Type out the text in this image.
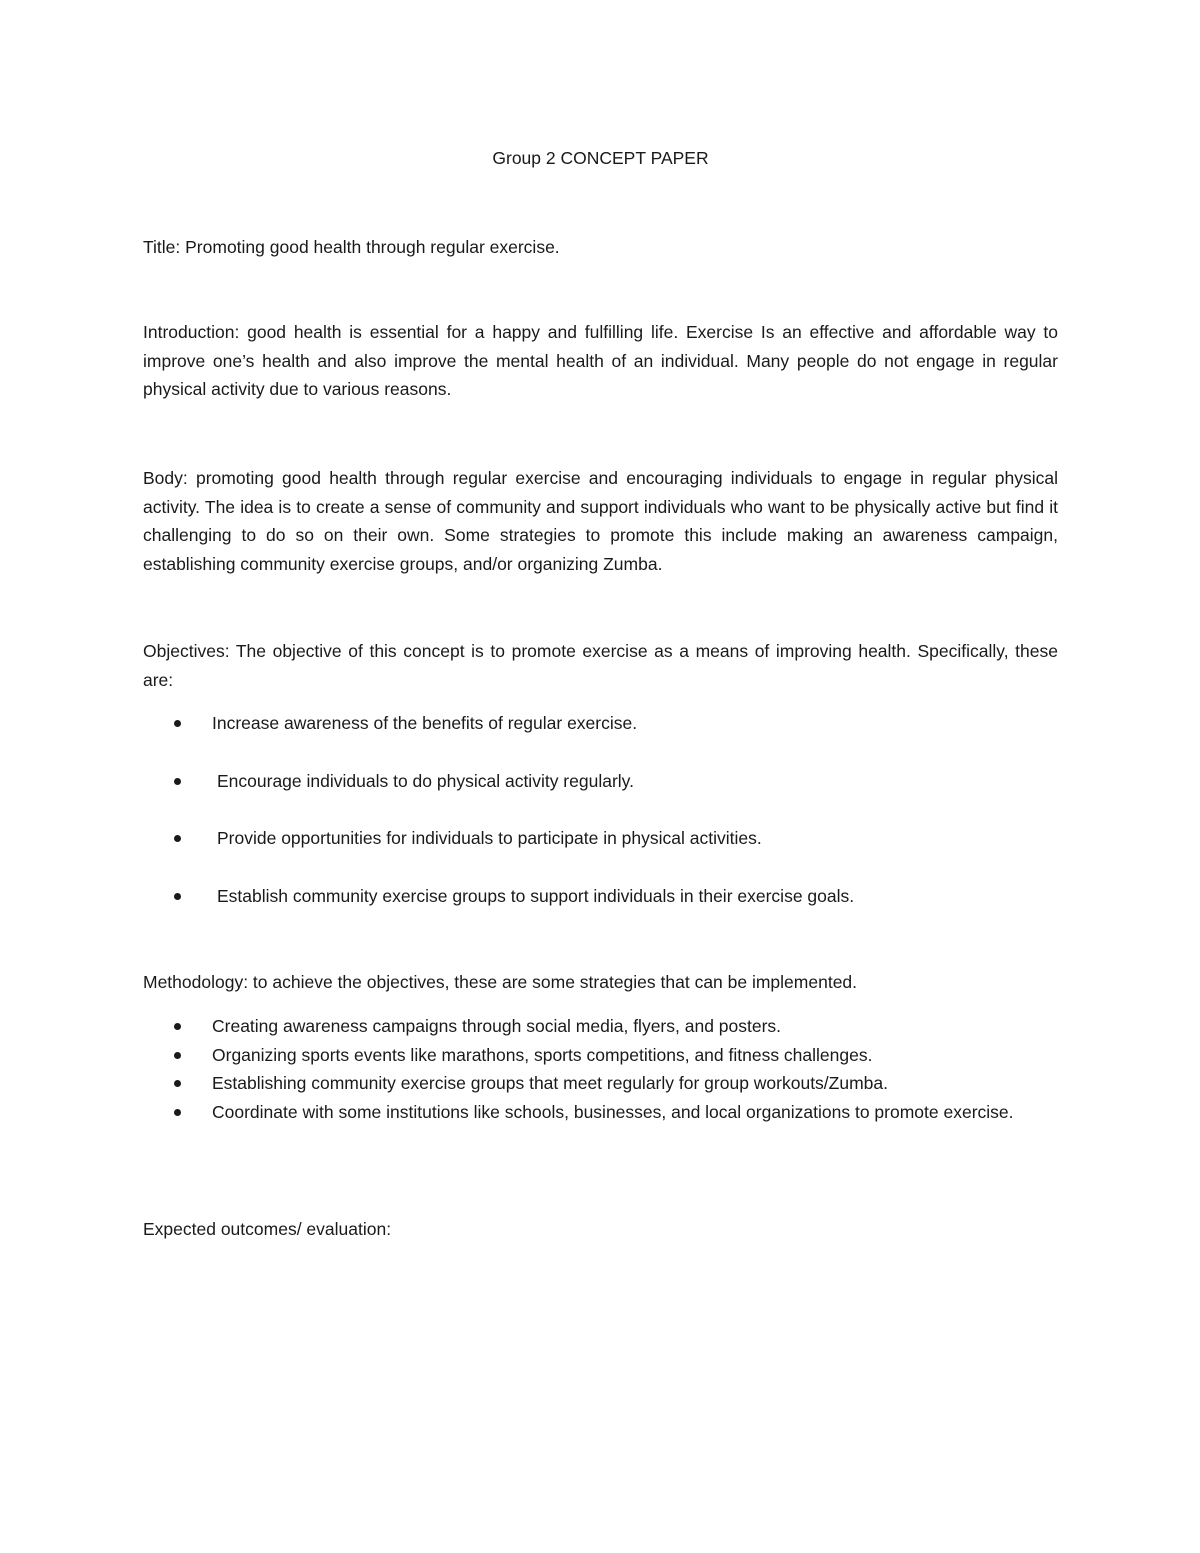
Group 2 CONCEPT PAPER
Title: Promoting good health through regular exercise.
Introduction: good health is essential for a happy and fulfilling life. Exercise Is an effective and affordable way to improve one’s health and also improve the mental health of an individual. Many people do not engage in regular physical activity due to various reasons.
Body: promoting good health through regular exercise and encouraging individuals to engage in regular physical activity. The idea is to create a sense of community and support individuals who want to be physically active but find it challenging to do so on their own. Some strategies to promote this include making an awareness campaign, establishing community exercise groups, and/or organizing Zumba.
Objectives: The objective of this concept is to promote exercise as a means of improving health. Specifically, these are:
Increase awareness of the benefits of regular exercise.
Encourage individuals to do physical activity regularly.
Provide opportunities for individuals to participate in physical activities.
Establish community exercise groups to support individuals in their exercise goals.
Methodology: to achieve the objectives, these are some strategies that can be implemented.
Creating awareness campaigns through social media, flyers, and posters.
Organizing sports events like marathons, sports competitions, and fitness challenges.
Establishing community exercise groups that meet regularly for group workouts/Zumba.
Coordinate with some institutions like schools, businesses, and local organizations to promote exercise.
Expected outcomes/ evaluation:
